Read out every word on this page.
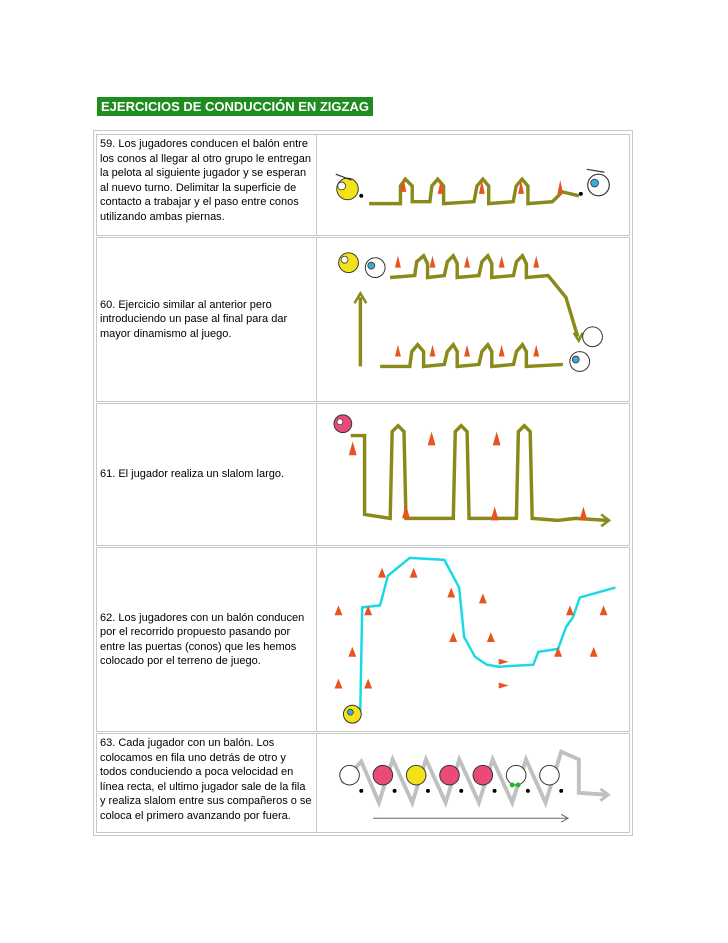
EJERCICIOS DE CONDUCCIÓN EN ZIGZAG
59. Los jugadores conducen el balón entre los conos al llegar al otro grupo le entregan la pelota al siguiente jugador y se esperan al nuevo turno. Delimitar la superficie de contacto a trabajar y el paso entre conos utilizando ambas piernas.
60. Ejercicio similar al anterior pero introduciendo un pase al final para dar mayor dinamismo al juego.
61. El jugador realiza un slalom largo.
62. Los jugadores con un balón conducen por el recorrido propuesto pasando por entre las puertas (conos) que les hemos colocado por el terreno de juego.
63. Cada jugador con un balón. Los colocamos en fila uno detrás de otro y todos conduciendo a poca velocidad en línea recta, el ultimo jugador sale de la fila y realiza slalom entre sus compañeros o se coloca el primero avanzando por fuera.
